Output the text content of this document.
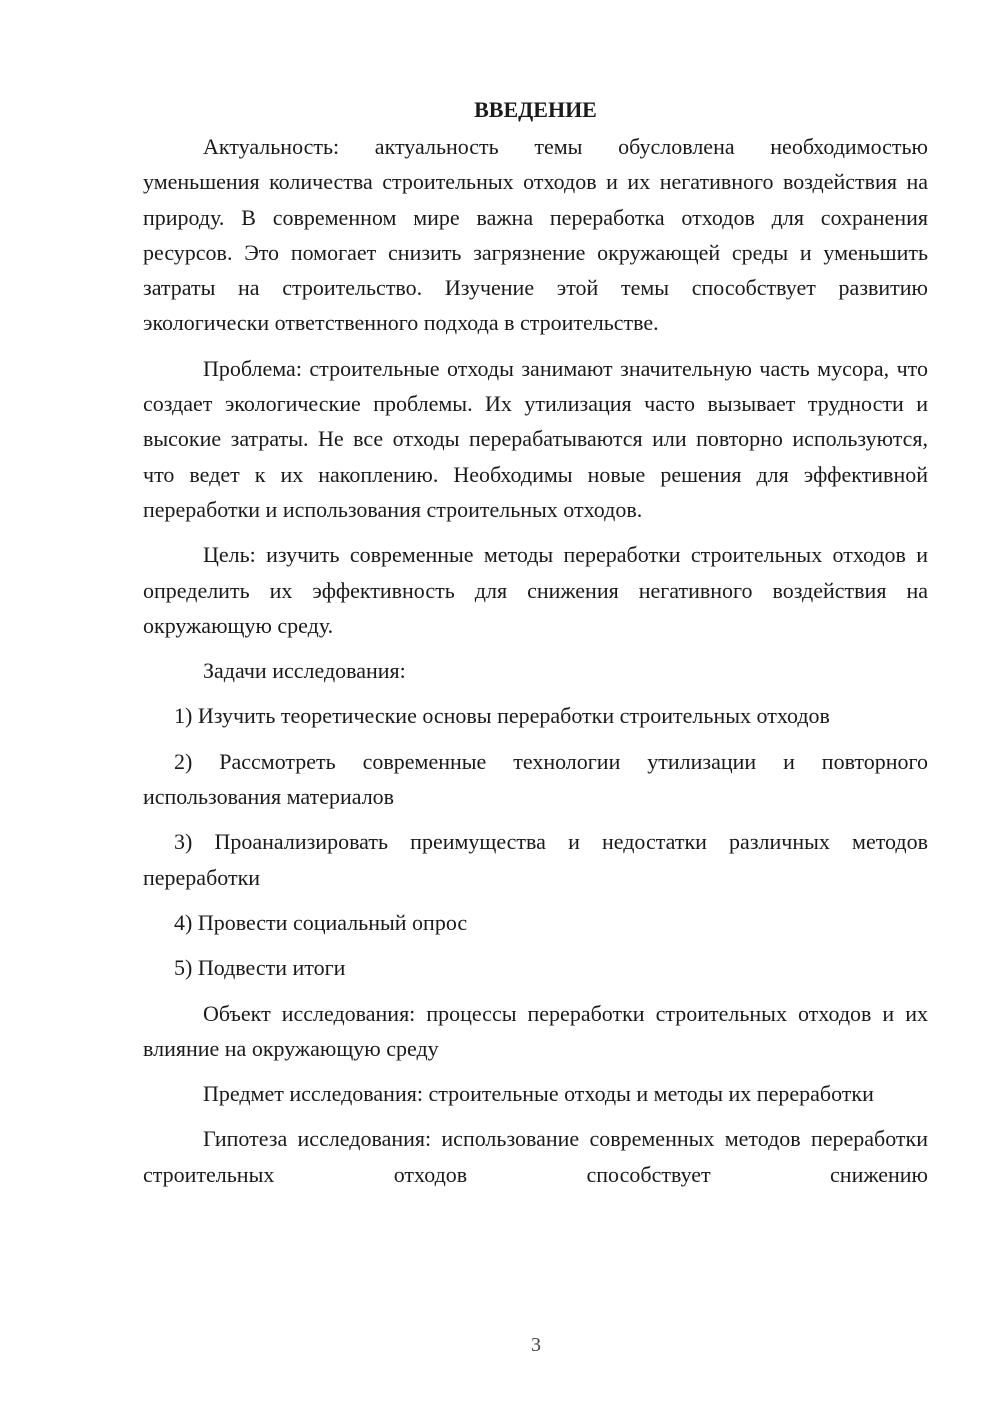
ВВЕДЕНИЕ

Актуальность: актуальность темы обусловлена необходимостью уменьшения количества строительных отходов и их негативного воздействия на природу. В современном мире важна переработка отходов для сохранения ресурсов. Это помогает снизить загрязнение окружающей среды и уменьшить затраты на строительство. Изучение этой темы способствует развитию экологически ответственного подхода в строительстве.

Проблема: строительные отходы занимают значительную часть мусора, что создает экологические проблемы. Их утилизация часто вызывает трудности и высокие затраты. Не все отходы перерабатываются или повторно используются, что ведет к их накоплению. Необходимы новые решения для эффективной переработки и использования строительных отходов.

Цель: изучить современные методы переработки строительных отходов и определить их эффективность для снижения негативного воздействия на окружающую среду.

Задачи исследования:

1) Изучить теоретические основы переработки строительных отходов

2) Рассмотреть современные технологии утилизации и повторного использования материалов

3) Проанализировать преимущества и недостатки различных методов переработки

4) Провести социальный опрос

5) Подвести итоги

Объект исследования: процессы переработки строительных отходов и их влияние на окружающую среду

Предмет исследования: строительные отходы и методы их переработки

Гипотеза исследования: использование современных методов переработки строительных отходов способствует снижению

3
